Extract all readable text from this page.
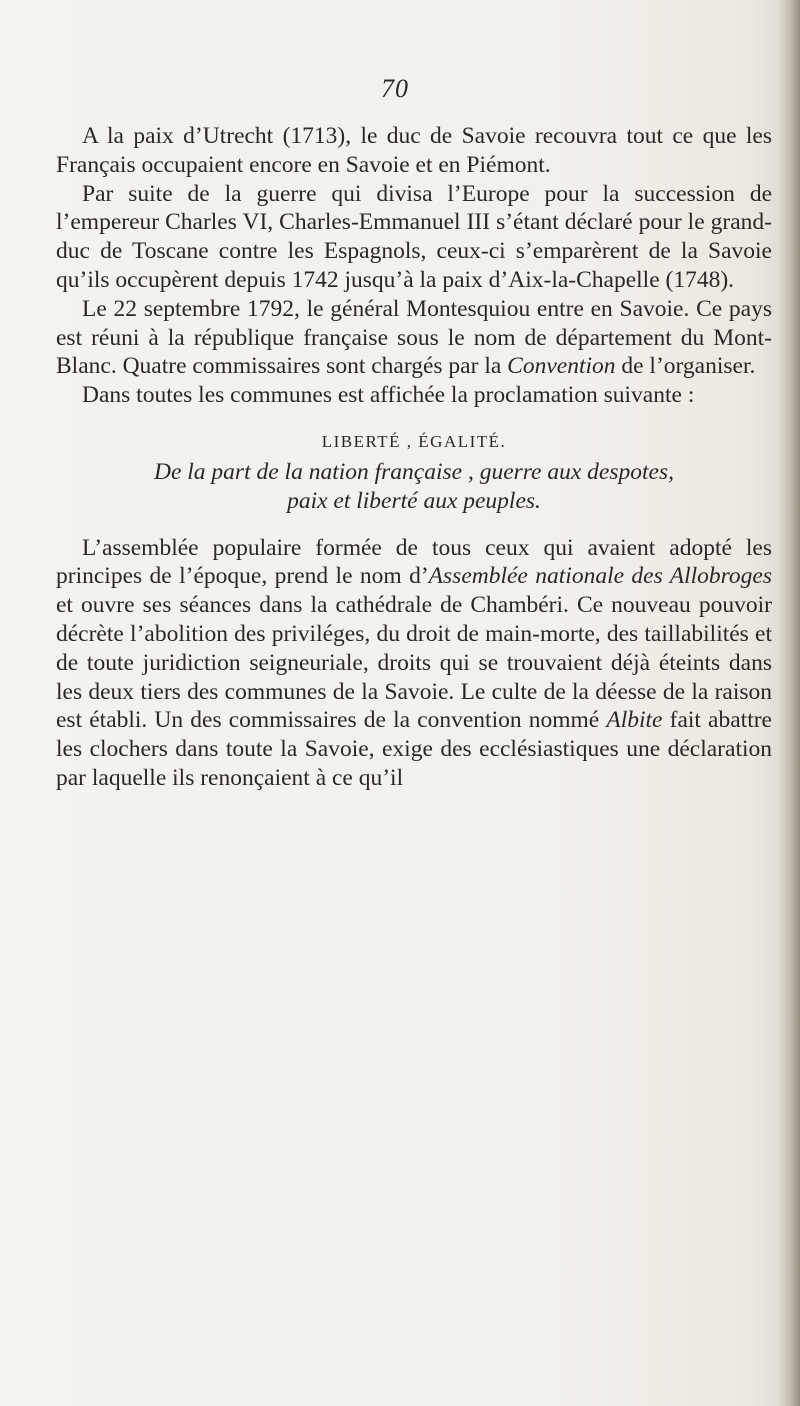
70

A la paix d’Utrecht (1713), le duc de Savoie recouvra tout ce que les Français occupaient encore en Savoie et en Piémont.

Par suite de la guerre qui divisa l’Europe pour la succession de l’empereur Charles VI, Charles-Emmanuel III s’étant déclaré pour le grand-duc de Toscane contre les Espagnols, ceux-ci s’emparèrent de la Savoie qu’ils occupèrent depuis 1742 jusqu’à la paix d’Aix-la-Chapelle (1748).

Le 22 septembre 1792, le général Montesquiou entre en Savoie. Ce pays est réuni à la république française sous le nom de département du Mont-Blanc. Quatre commissaires sont chargés par la Convention de l’organiser.

Dans toutes les communes est affichée la proclamation suivante :

LIBERTÉ , ÉGALITÉ.
De la part de la nation française , guerre aux despotes,
paix et liberté aux peuples.

L’assemblée populaire formée de tous ceux qui avaient adopté les principes de l’époque, prend le nom d’Assemblée nationale des Allobroges et ouvre ses séances dans la cathédrale de Chambéri. Ce nouveau pouvoir décrète l’abolition des priviléges, du droit de main-morte, des taillabilités et de toute juridiction seigneuriale, droits qui se trouvaient déjà éteints dans les deux tiers des communes de la Savoie. Le culte de la déesse de la raison est établi. Un des commissaires de la convention nommé Albite fait abattre les clochers dans toute la Savoie, exige des ecclésiastiques une déclaration par laquelle ils renonçaient à ce qu’il
